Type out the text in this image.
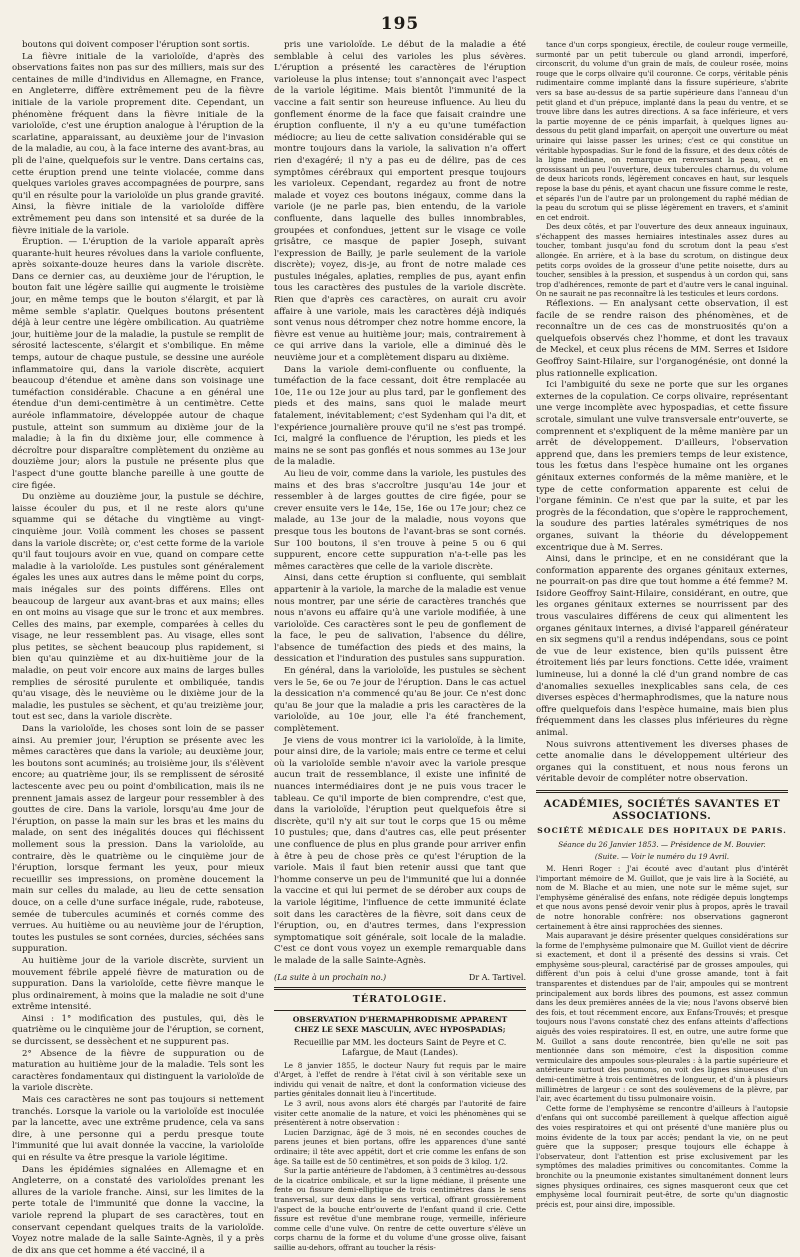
195

boutons qui doivent composer l'éruption sont sortis.

La fièvre initiale de la varioloïde, d'après des observations faites non pas sur des milliers, mais sur des centaines de mille d'individus en Allemagne, en France, en Angleterre, diffère extrêmement peu de la fièvre initiale de la variole proprement dite. Cependant, un phénomène fréquent dans la fièvre initiale de la varioloïde, c'est une éruption analogue à l'éruption de la scarlatine, apparaissant, au deuxième jour de l'invasion de la maladie, au cou, à la face interne des avant-bras, au pli de l'aine, quelquefois sur le ventre. Dans certains cas, cette éruption prend une teinte violacée, comme dans quelques varioles graves accompagnées de pourpre, sans qu'il en résulte pour la varioloïde un plus grande gravité. Ainsi, la fièvre initiale de la varioloïde diffère extrêmement peu dans son intensité et sa durée de la fièvre initiale de la variole.

Éruption. — L'éruption de la variole apparaît après quarante-huit heures révolues dans la variole confluente, après soixante-douze heures dans la variole discrète. Dans ce dernier cas, au deuxième jour de l'éruption, le bouton fait une légère saillie qui augmente le troisième jour, en même temps que le bouton s'élargit, et par là même semble s'aplatir. Quelques boutons présentent déjà à leur centre une légère ombilication. Au quatrième jour, huitième jour de la maladie, la pustule se remplit de sérosité lactescente, s'élargit et s'ombilique. En même temps, autour de chaque pustule, se dessine une auréole inflammatoire qui, dans la variole discrète, acquiert beaucoup d'étendue et amène dans son voisinage une tuméfaction considérable. Chacune a en général une étendue d'un demi-centimètre à un centimètre. Cette auréole inflammatoire, développée autour de chaque pustule, atteint son summum au dixième jour de la maladie; à la fin du dixième jour, elle commence à décroître pour disparaître complètement du onzième au douzième jour; alors la pustule ne présente plus que l'aspect d'une goutte blanche pareille à une goutte de cire figée.

Du onzième au douzième jour, la pustule se déchire, laisse écouler du pus, et il ne reste alors qu'une squamme qui se détache du vingtième au vingt-cinquième jour. Voilà comment les choses se passent dans la variole discrète; or, c'est cette forme de la variole qu'il faut toujours avoir en vue, quand on compare cette maladie à la varioloïde. Les pustules sont généralement égales les unes aux autres dans le même point du corps, mais inégales sur des points différens. Elles ont beaucoup de largeur aux avant-bras et aux mains; elles en ont moins au visage que sur le tronc et aux membres. Celles des mains, par exemple, comparées à celles du visage, ne leur ressemblent pas. Au visage, elles sont plus petites, se sèchent beaucoup plus rapidement, si bien qu'au quinzième et au dix-huitième jour de la maladie, on peut voir encore aux mains de larges bulles remplies de sérosité purulente et ombiliquée, tandis qu'au visage, dès le neuvième ou le dixième jour de la maladie, les pustules se sèchent, et qu'au treizième jour, tout est sec, dans la variole discrète.

Dans la varioloïde, les choses sont loin de se passer ainsi. Au premier jour, l'éruption se présente avec les mêmes caractères que dans la variole; au deuxième jour, les boutons sont acuminés; au troisième jour, ils s'élèvent encore; au quatrième jour, ils se remplissent de sérosité lactescente avec peu ou point d'ombilication, mais ils ne prennent jamais assez de largeur pour ressembler à des gouttes de cire. Dans la variole, lorsqu'au 4me jour de l'éruption, on passe la main sur les bras et les mains du malade, on sent des inégalités douces qui fléchissent mollement sous la pression. Dans la varioloïde, au contraire, dès le quatrième ou le cinquième jour de l'éruption, lorsque fermant les yeux, pour mieux recueillir ses impressions, on promène doucement la main sur celles du malade, au lieu de cette sensation douce, on a celle d'une surface inégale, rude, raboteuse, semée de tubercules acuminés et cornés comme des verrues. Au huitième ou au neuvième jour de l'éruption, toutes les pustules se sont cornées, durcies, séchées sans suppuration.

Au huitième jour de la variole discrète, survient un mouvement fébrile appelé fièvre de maturation ou de suppuration. Dans la varioloïde, cette fièvre manque le plus ordinairement, à moins que la maladie ne soit d'une extrême intensité.

Ainsi : 1° modification des pustules, qui, dès le quatrième ou le cinquième jour de l'éruption, se cornent, se durcissent, se dessèchent et ne suppurent pas.

2° Absence de la fièvre de suppuration ou de maturation au huitième jour de la maladie. Tels sont les caractères fondamentaux qui distinguent la varioloïde de la variole discrète.

Mais ces caractères ne sont pas toujours si nettement tranchés. Lorsque la variole ou la varioloïde est inoculée par la lancette, avec une extrême prudence, cela va sans dire, à une personne qui a perdu presque toute l'immunité que lui avait donnée la vaccine, la varioloïde qui en résulte va être presque la variole légitime.

Dans les épidémies signalées en Allemagne et en Angleterre, on a constaté des varioloïdes prenant les allures de la variole franche. Ainsi, sur les limites de la perte totale de l'immunité que donne la vaccine, la variole reprend la plupart de ses caractères, tout en conservant cependant quelques traits de la varioloïde. Voyez notre malade de la salle Sainte-Agnès, il y a près de dix ans que cet homme a été vacciné, il a

pris une varioloïde. Le début de la maladie a été semblable à celui des varioles les plus sévères. L'éruption a présenté les caractères de l'éruption varioleuse la plus intense; tout s'annonçait avec l'aspect de la variole légitime. Mais bientôt l'immunité de la vaccine a fait sentir son heureuse influence. Au lieu du gonflement énorme de la face que faisait craindre une éruption confluente, il n'y a eu qu'une tuméfaction médiocre; au lieu de cette salivation considérable qui se montre toujours dans la variole, la salivation n'a offert rien d'exagéré; il n'y a pas eu de délire, pas de ces symptômes cérébraux qui emportent presque toujours les varioleux. Cependant, regardez au front de notre malade et voyez ces boutons inégaux, comme dans la variole (je ne parle pas, bien entendu, de la variole confluente, dans laquelle des bulles innombrables, groupées et confondues, jettent sur le visage ce voile grisâtre, ce masque de papier Joseph, suivant l'expression de Bailly, je parle seulement de la variole discrète); voyez, dis-je, au front de notre malade ces pustules inégales, aplaties, remplies de pus, ayant enfin tous les caractères des pustules de la variole discrète. Rien que d'après ces caractères, on aurait cru avoir affaire à une variole, mais les caractères déjà indiqués sont venus nous détromper chez notre homme encore, la fièvre est venue au huitième jour; mais, contrairement à ce qui arrive dans la variole, elle a diminué dès le neuvième jour et a complètement disparu au dixième.

Dans la variole demi-confluente ou confluente, la tuméfaction de la face cessant, doit être remplacée au 10e, 11e ou 12e jour au plus tard, par le gonflement des pieds et des mains, sans quoi le malade meurt fatalement, inévitablement; c'est Sydenham qui l'a dit, et l'expérience journalière prouve qu'il ne s'est pas trompé. Ici, malgré la confluence de l'éruption, les pieds et les mains ne se sont pas gonflés et nous sommes au 13e jour de la maladie.

Au lieu de voir, comme dans la variole, les pustules des mains et des bras s'accroître jusqu'au 14e jour et ressembler à de larges gouttes de cire figée, pour se crever ensuite vers le 14e, 15e, 16e ou 17e jour; chez ce malade, au 13e jour de la maladie, nous voyons que presque tous les boutons de l'avant-bras se sont cornés. Sur 100 boutons, il s'en trouve à peine 5 ou 6 qui suppurent, encore cette suppuration n'a-t-elle pas les mêmes caractères que celle de la variole discrète.

Ainsi, dans cette éruption si confluente, qui semblait appartenir à la variole, la marche de la maladie est venue nous montrer, par une série de caractères tranchés que nous n'avons eu affaire qu'à une variole modifiée, à une varioloïde. Ces caractères sont le peu de gonflement de la face, le peu de salivation, l'absence du délire, l'absence de tuméfaction des pieds et des mains, la dessication et l'induration des pustules sans suppuration.

En général, dans la varioloïde, les pustules se sèchent vers le 5e, 6e ou 7e jour de l'éruption. Dans le cas actuel la dessication n'a commencé qu'au 8e jour. Ce n'est donc qu'au 8e jour que la maladie a pris les caractères de la varioloïde, au 10e jour, elle l'a été franchement, complètement.

Je viens de vous montrer ici la varioloïde, à la limite, pour ainsi dire, de la variole; mais entre ce terme et celui où la varioloïde semble n'avoir avec la variole presque aucun trait de ressemblance, il existe une infinité de nuances intermédiaires dont je ne puis vous tracer le tableau. Ce qu'il importe de bien comprendre, c'est que, dans la varioloïde, l'éruption peut quelquefois être si discrète, qu'il n'y ait sur tout le corps que 15 ou même 10 pustules; que, dans d'autres cas, elle peut présenter une confluence de plus en plus grande pour arriver enfin à être à peu de chose près ce qu'est l'éruption de la variole. Mais il faut bien retenir aussi que tant que l'homme conserve un peu de l'immunité que lui a donnée la vaccine et qui lui permet de se dérober aux coups de la variole légitime, l'influence de cette immunité éclate soit dans les caractères de la fièvre, soit dans ceux de l'éruption, ou, en d'autres termes, dans l'expression symptomatique soit générale, soit locale de la maladie. C'est ce dont vous voyez un exemple remarquable dans le malade de la salle Sainte-Agnès.

(La suite à un prochain no.)	Dr A. Tartivel.
TÉRATOLOGIE.
OBSERVATION D'HERMAPHRODISME APPARENT CHEZ LE SEXE MASCULIN, AVEC HYPOSPADIAS;
Recueillie par MM. les docteurs Saint de Peyre et C. Lafargue, de Maut (Landes).

Le 8 janvier 1855, le docteur Naury fut requis par le maire d'Arget, à l'effet de rendre à l'état civil à son véritable sexe un individu qui venait de naître, et dont la conformation vicieuse des parties génitales donnait lieu à l'incertitude.

Le 3 avril, nous avons alors été chargés par l'autorité de faire visiter cette anomalie de la nature, et voici les phénomènes qui se présentèrent à notre observation :

Lucien Darzignac, âgé de 3 mois, né en secondes couches de parens jeunes et bien portans, offre les apparences d'une santé ordinaire; il tête avec appétit, dort et crie comme les enfans de son âge. Sa taille est de 50 centimètres, et son poids de 3 kilog. 1/2.

Sur la partie antérieure de l'abdomen, à 3 centimètres au-dessous de la cicatrice ombilicale, et sur la ligne médiane, il présente une fente ou fissure demi-elliptique de trois centimètres dans le sens transversal, sur deux dans le sens vertical, offrant grossièrement l'aspect de la bouche entr'ouverte de l'enfant quand il crie. Cette fissure est revêtue d'une membrane rouge, vermeille, inférieure comme celle d'une vulve. On rentre de cette ouverture s'élève un corps charnu de la forme et du volume d'une grosse olive, faisant saillie au-dehors, offrant au toucher la résis-

tance d'un corps spongieux, érectile, de couleur rouge vermeille, surmonté par un petit tubercule ou gland arrondi, imperforé, circonscrit, du volume d'un grain de maïs, de couleur rosée, moins rouge que le corps ollvaire qu'il couronne. Ce corps, véritable pénis rudimentaire comme implanté dans la fissure supérieure, s'abrite vers sa base au-dessus de sa partie supérieure dans l'anneau d'un petit gland et d'un prépuce, implanté dans la peau du ventre, et se trouve libre dans les autres directions. A sa face inférieure, et vers la partie moyenne de ce pénis imparfait, à quelques lignes au-dessous du petit gland imparfait, on aperçoit une ouverture ou méat urinaire qui laisse passer les urines; c'est ce qui constitue un véritable hypospadias. Sur le fond de la fissure, et des deux côtés de la ligne médiane, on remarque en renversant la peau, et en grossissant un peu l'ouverture, deux tubercules charnus, du volume de deux haricots ronds, légèrement concaves en haut, sur lesquels repose la base du pénis, et ayant chacun une fissure comme le reste, et séparés l'un de l'autre par un prolongement du raphé médian de la peau du scrotum qui se plisse légèrement en travers, et s'aminit en cet endroit.

Des deux côtés, et par l'ouverture des deux anneaux inguinaux, s'échappent des masses herniaires intestinales assez dures au toucher, tombant jusqu'au fond du scrotum dont la peau s'est allongée. En arrière, et à la base du scrotum, on distingue deux petits corps ovoïdes de la grosseur d'une petite noisette, durs au toucher, sensibles à la pression, et suspendus à un cordon qui, sans trop d'adhérences, remonte de part et d'autre vers le canal inguinal. On ne saurait ne pas reconnaître là les testicules et leurs cordons.

Réflexions. — En analysant cette observation, il est facile de se rendre raison des phénomènes, et de reconnaître un de ces cas de monstruosités qu'on a quelquefois observés chez l'homme, et dont les travaux de Meckel, et ceux plus récens de MM. Serres et Isidore Geoffroy Saint-Hilaire, sur l'organogénésie, ont donné la plus rationnelle explication.

Ici l'ambiguité du sexe ne porte que sur les organes externes de la copulation. Ce corps olivaire, représentant une verge incomplète avec hypospadias, et cette fissure scrotale, simulant une vulve transversale entr'ouverte, se comprennent et s'expliquent de la même manière par un arrêt de développement. D'ailleurs, l'observation apprend que, dans les premiers temps de leur existence, tous les fœtus dans l'espèce humaine ont les organes génitaux externes conformés de la même manière, et le type de cette conformation apparente est celui de l'organe féminin. Ce n'est que par la suite, et par les progrès de la fécondation, que s'opère le rapprochement, la soudure des parties latérales symétriques de nos organes, suivant la théorie du développement excentrique due à M. Serres.

Ainsi, dans le principe, et en ne considérant que la conformation apparente des organes génitaux externes, ne pourrait-on pas dire que tout homme a été femme? M. Isidore Geoffroy Saint-Hilaire, considérant, en outre, que les organes génitaux externes se nourrissent par des trous vasculaires différens de ceux qui alimentent les organes génitaux internes, a divisé l'appareil générateur en six segmens qu'il a rendus indépendans, sous ce point de vue de leur existence, bien qu'ils puissent être étroitement liés par leurs fonctions. Cette idée, vraiment lumineuse, lui a donné la clé d'un grand nombre de cas d'anomalies sexuelles inexplicables sans cela, de ces diverses espèces d'hermaphrodismes, que la nature nous offre quelquefois dans l'espèce humaine, mais bien plus fréquemment dans les classes plus inférieures du règne animal.

Nous suivrons attentivement les diverses phases de cette anomalie dans le développement ultérieur des organes qui la constituent, et nous nous ferons un véritable devoir de compléter notre observation.

ACADÉMIES, SOCIÉTÉS SAVANTES ET ASSOCIATIONS.
SOCIÉTÉ MÉDICALE DES HOPITAUX DE PARIS.
Séance du 26 Janvier 1853. — Présidence de M. Bouvier.
(Suite. — Voir le numéro du 19 Avril.

M. Henri Roger : J'ai écouté avec d'autant plus d'intérêt l'important mémoire de M. Guillot, que je vais lire à la Société, au nom de M. Blache et au mien, une note sur le même sujet, sur l'emphysème généralisé des enfans, note rédigée depuis longtemps et que nous avons pensé devoir venir plus à propos, après le travail de notre honorable confrère: nos observations gagneront certainement à être ainsi rapprochées des siennes.

Mais auparavant je désire présenter quelques considérations sur la forme de l'emphysème pulmonaire que M. Guillot vient de décrire si exactement, et dont il a présenté des dessins si vrais. Cet emphysème sous-pleural, caractérisé par de grosses ampoules, qui diffèrent d'un pois à celui d'une grosse amande, tont à fait transparentes et distendues par de l'air, ampoules qui se montrent principalement aux bords libres des poumons, est assez commun dans les deux premières années de la vie; nous l'avons observé bien des fois, et tout récemment encore, aux Enfans-Trouvés; et presque toujours nous l'avons constaté chez des enfans atteints d'affections aiguës des voies respiratoires. Il est, en outre, une autre forme que M. Guillot a sans doute rencontrée, bien qu'elle ne soit pas mentionnée dans son mémoire, c'est la disposition comme vermiculaire des ampoules sous-pleurales : à la partie supérieure et antérieure surtout des poumons, on voit des lignes sinueuses d'un demi-centimètre à trois centimètres de longueur, et d'un à plusieurs millimètres de largeur : ce sont des soulèvemens de la plèvre, par l'air, avec écartement du tissu pulmonaire voisin.

Cette forme de l'emphysème se rencontre d'ailleurs à l'autopsie d'enfans qui ont succombé pareillement à quelque affection aiguë des voies respiratoires et qui ont présenté d'une manière plus ou moins évidente de la toux par accès; pendant la vie, on ne peut guère que la supposer; presque toujours elle échappe à l'observateur, dont l'attention est prise exclusivement par les symptômes des maladies primitives ou concomitantes. Comme la bronchite ou la pneumonie existantes simultanément donnent leurs signes physiques ordinaires, ces signes masqueront ceux que cet emphysème local fournirait peut-être, de sorte qu'un diagnostic précis est, pour ainsi dire, impossible.
